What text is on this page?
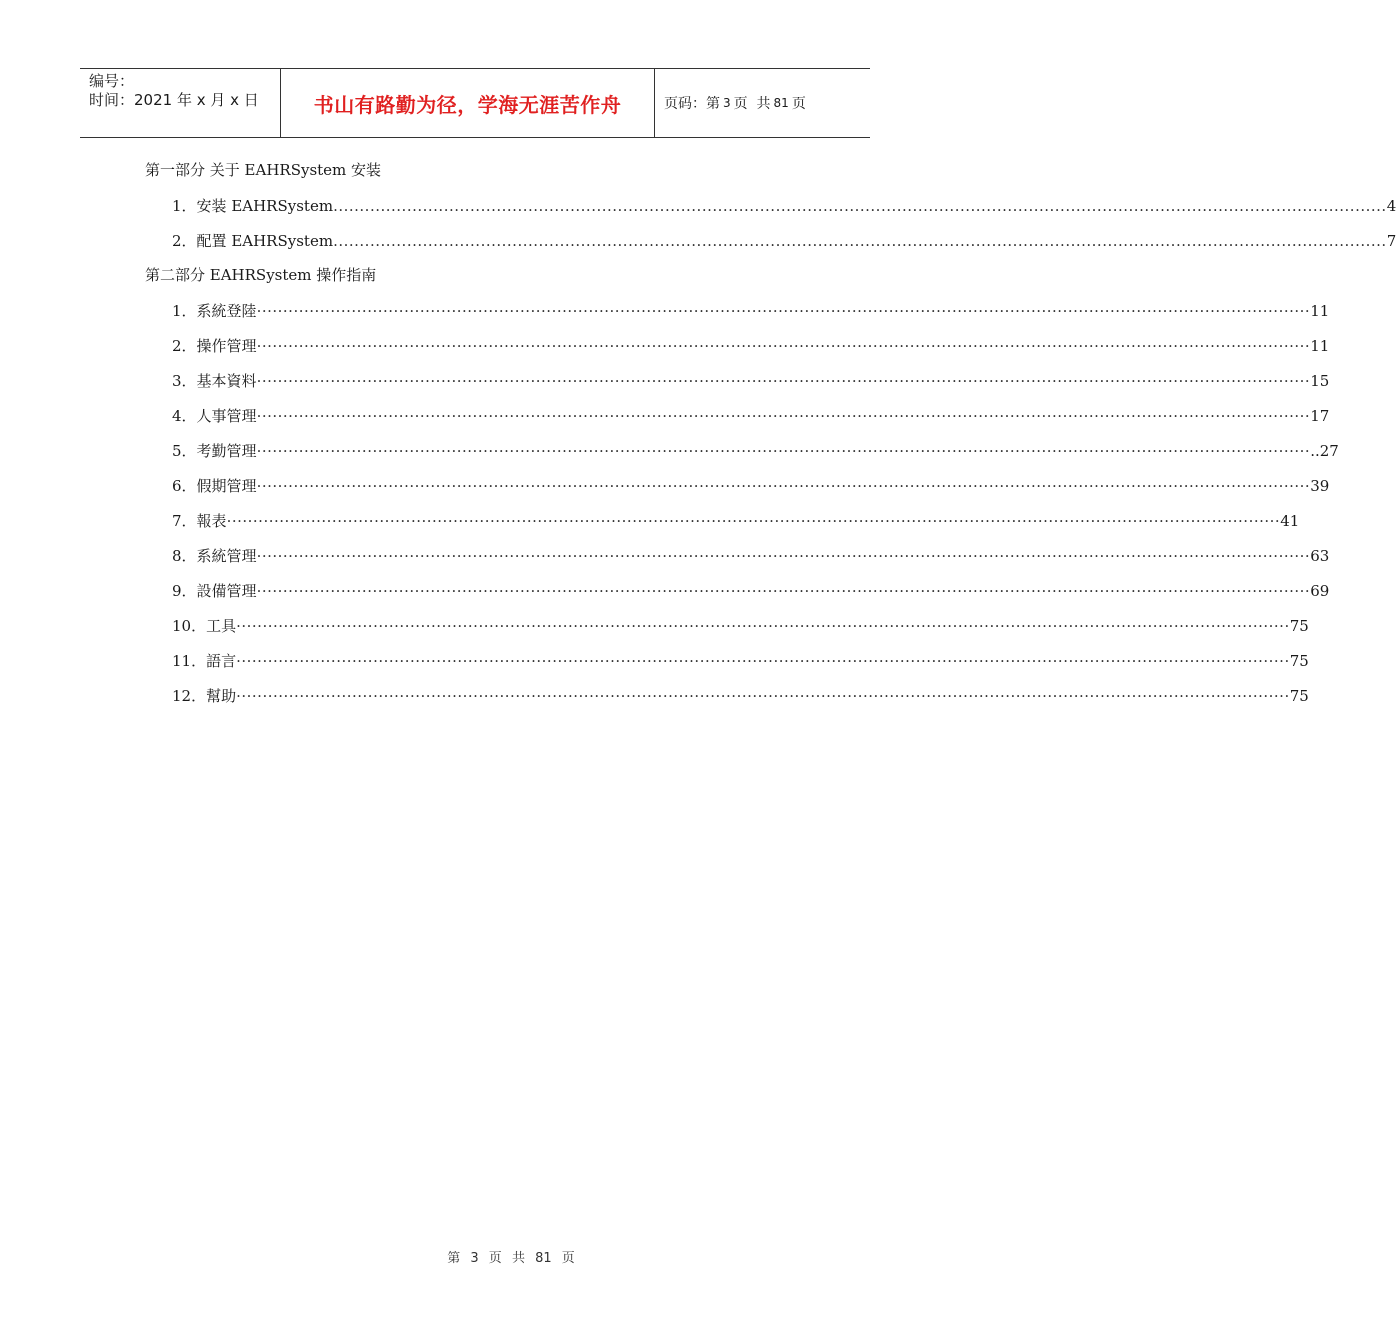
编号：
时间：2021 年 x 月 x 日	书山有路勤为径，学海无涯苦作舟	页码：第 3 页  共 81 页
第一部分 关于 EAHRSystem 安装
1． 安装 EAHRSystem ........................................................................................................................................................................................................ 4
2． 配置 EAHRSystem ........................................................................................................................................................................................................ 7
第二部分 EAHRSystem 操作指南
1． 系統登陸 ········································································································································································································ 11
2． 操作管理 ········································································································································································································ 11
3． 基本資料 ········································································································································································································ 15
4． 人事管理 ········································································································································································································ 17
5． 考勤管理 ········································································································································································································ ..27
6． 假期管理 ········································································································································································································ 39
7． 報表 ········································································································································································································ 41
8． 系統管理 ········································································································································································································ 63
9． 設備管理 ········································································································································································································ 69
10． 工具 ········································································································································································································ 75
11． 語言 ········································································································································································································ 75
12． 幫助 ········································································································································································································ 75
第 3 页 共 81 页
